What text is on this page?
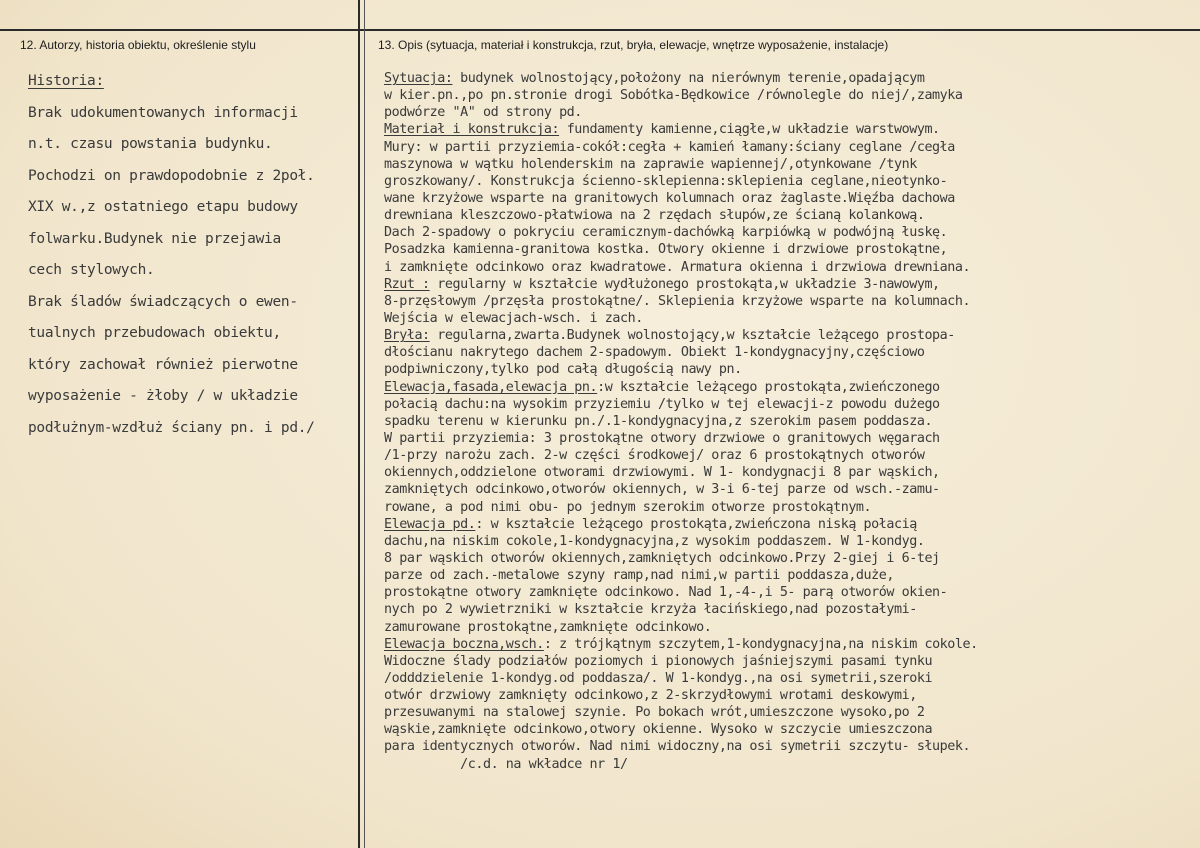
12. Autorzy, historia obiektu, określenie stylu	13. Opis (sytuacja, materiał i konstrukcja, rzut, bryła, elewacje, wnętrze wyposażenie, instalacje)
Historia:
Brak udokumentowanych informacji
n.t. czasu powstania budynku.
Pochodzi on prawdopodobnie z 2poł.
XIX w.,z ostatniego etapu budowy
folwarku.Budynek nie przejawia
cech stylowych.
Brak śladów świadczących o ewen-
tualnych przebudowach obiektu,
który zachował również pierwotne
wyposażenie - żłoby / w układzie
podłużnym-wzdłuż ściany pn. i pd./
Sytuacja: budynek wolnostojący,położony na nierównym terenie,opadającym
w kier.pn.,po pn.stronie drogi Sobótka-Będkowice /równolegle do niej/,zamyka
podwórze "A" od strony pd.
Materiał i konstrukcja: fundamenty kamienne,ciągłe,w układzie warstwowym.
Mury: w partii przyziemia-cokół:cegła + kamień łamany:ściany ceglane /cegła
maszynowa w wątku holenderskim na zaprawie wapiennej/,otynkowane /tynk
groszkowany/. Konstrukcja ścienno-sklepienna:sklepienia ceglane,nieotynko-
wane krzyżowe wsparte na granitowych kolumnach oraz żaglaste.Więźba dachowa
drewniana kleszczowo-płatwiowa na 2 rzędach słupów,ze ścianą kolankową.
Dach 2-spadowy o pokryciu ceramicznym-dachówką karpiówką w podwójną łuskę.
Posadzka kamienna-granitowa kostka. Otwory okienne i drzwiowe prostokątne,
i zamknięte odcinkowo oraz kwadratowe. Armatura okienna i drzwiowa drewniana.
Rzut : regularny w kształcie wydłużonego prostokąta,w układzie 3-nawowym,
8-przęsłowym /przęsła prostokątne/. Sklepienia krzyżowe wsparte na kolumnach.
Wejścia w elewacjach-wsch. i zach.
Bryła: regularna,zwarta.Budynek wolnostojący,w kształcie leżącego prostopa-
dłościanu nakrytego dachem 2-spadowym. Obiekt 1-kondygnacyjny,częściowo
podpiwniczony,tylko pod całą długością nawy pn.
Elewacja,fasada,elewacja pn.:w kształcie leżącego prostokąta,zwieńczonego
połacią dachu:na wysokim przyziemiu /tylko w tej elewacji-z powodu dużego
spadku terenu w kierunku pn./.1-kondygnacyjna,z szerokim pasem poddasza.
W partii przyziemia: 3 prostokątne otwory drzwiowe o granitowych węgarach
/1-przy narożu zach. 2-w części środkowej/ oraz 6 prostokątnych otworów
okiennych,oddzielone otworami drzwiowymi. W 1- kondygnacji 8 par wąskich,
zamkniętych odcinkowo,otworów okiennych, w 3-i 6-tej parze od wsch.-zamu-
rowane, a pod nimi obu- po jednym szerokim otworze prostokątnym.
Elewacja pd.: w kształcie leżącego prostokąta,zwieńczona niską połacią
dachu,na niskim cokole,1-kondygnacyjna,z wysokim poddaszem. W 1-kondyg.
8 par wąskich otworów okiennych,zamkniętych odcinkowo.Przy 2-giej i 6-tej
parze od zach.-metalowe szyny ramp,nad nimi,w partii poddasza,duże,
prostokątne otwory zamknięte odcinkowo. Nad 1,-4-,i 5- parą otworów okien-
nych po 2 wywietrzniki w kształcie krzyża łacińskiego,nad pozostałymi-
zamurowane prostokątne,zamknięte odcinkowo.
Elewacja boczna,wsch.: z trójkątnym szczytem,1-kondygnacyjna,na niskim cokole.
Widoczne ślady podziałów poziomych i pionowych jaśniejszymi pasami tynku
/odddzielenie 1-kondyg.od poddasza/. W 1-kondyg.,na osi symetrii,szeroki
otwór drzwiowy zamknięty odcinkowo,z 2-skrzydłowymi wrotami deskowymi,
przesuwanymi na stalowej szynie. Po bokach wrót,umieszczone wysoko,po 2
wąskie,zamknięte odcinkowo,otwory okienne. Wysoko w szczycie umieszczona
para identycznych otworów. Nad nimi widoczny,na osi symetrii szczytu- słupek.
/c.d. na wkładce nr 1/
